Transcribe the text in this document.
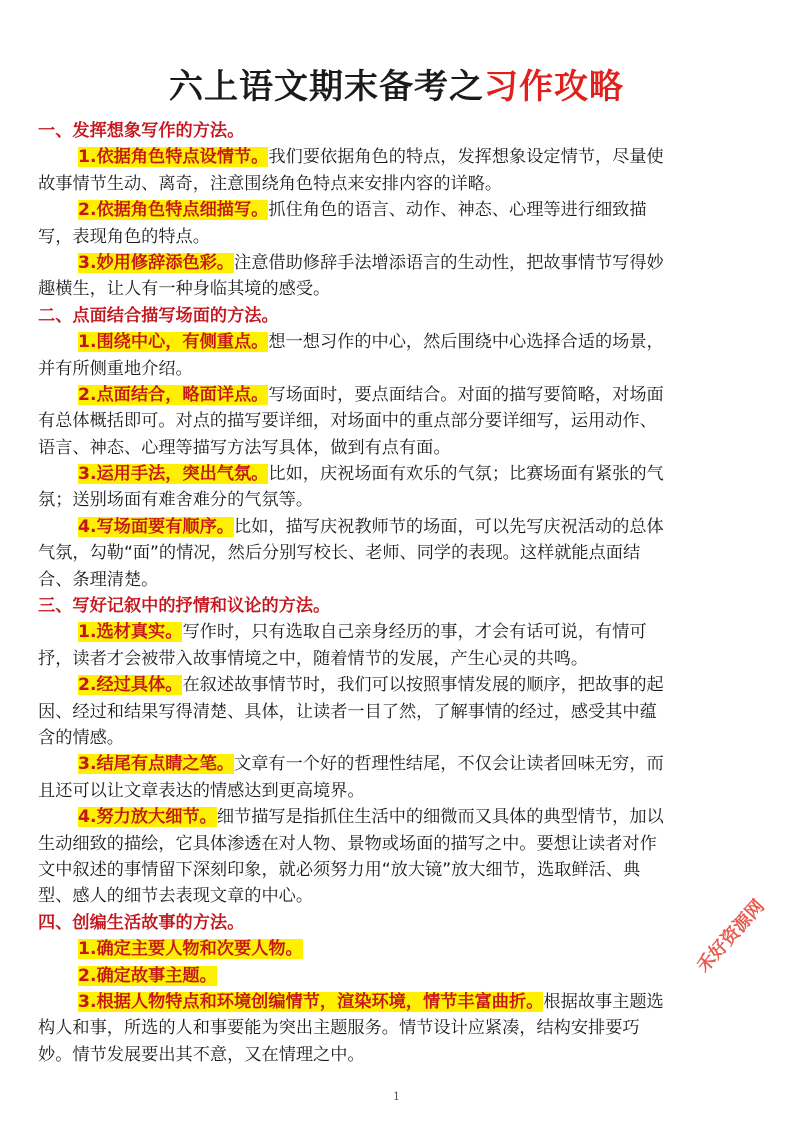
六上语文期末备考之习作攻略
一、发挥想象写作的方法。
1.依据角色特点设情节。我们要依据角色的特点，发挥想象设定情节，尽量使
故事情节生动、离奇，注意围绕角色特点来安排内容的详略。
2.依据角色特点细描写。抓住角色的语言、动作、神态、心理等进行细致描
写，表现角色的特点。
3.妙用修辞添色彩。注意借助修辞手法增添语言的生动性，把故事情节写得妙
趣横生，让人有一种身临其境的感受。
二、点面结合描写场面的方法。
1.围绕中心，有侧重点。想一想习作的中心，然后围绕中心选择合适的场景，
并有所侧重地介绍。
2.点面结合，略面详点。写场面时，要点面结合。对面的描写要简略，对场面
有总体概括即可。对点的描写要详细，对场面中的重点部分要详细写，运用动作、
语言、神态、心理等描写方法写具体，做到有点有面。
3.运用手法，突出气氛。比如，庆祝场面有欢乐的气氛；比赛场面有紧张的气
氛；送别场面有难舍难分的气氛等。
4.写场面要有顺序。比如，描写庆祝教师节的场面，可以先写庆祝活动的总体
气氛，勾勒“面”的情况，然后分别写校长、老师、同学的表现。这样就能点面结
合、条理清楚。
三、写好记叙中的抒情和议论的方法。
1.选材真实。写作时，只有选取自己亲身经历的事，才会有话可说，有情可
抒，读者才会被带入故事情境之中，随着情节的发展，产生心灵的共鸣。
2.经过具体。在叙述故事情节时，我们可以按照事情发展的顺序，把故事的起
因、经过和结果写得清楚、具体，让读者一目了然，了解事情的经过，感受其中蕴
含的情感。
3.结尾有点睛之笔。文章有一个好的哲理性结尾，不仅会让读者回味无穷，而
且还可以让文章表达的情感达到更高境界。
4.努力放大细节。细节描写是指抓住生活中的细微而又具体的典型情节，加以
生动细致的描绘，它具体渗透在对人物、景物或场面的描写之中。要想让读者对作
文中叙述的事情留下深刻印象，就必须努力用“放大镜”放大细节，选取鲜活、典
型、感人的细节去表现文章的中心。
四、创编生活故事的方法。
1.确定主要人物和次要人物。
2.确定故事主题。
3.根据人物特点和环境创编情节，渲染环境，情节丰富曲折。根据故事主题选
构人和事，所选的人和事要能为突出主题服务。情节设计应紧凑，结构安排要巧
妙。情节发展要出其不意，又在情理之中。
1
禾好资源网
